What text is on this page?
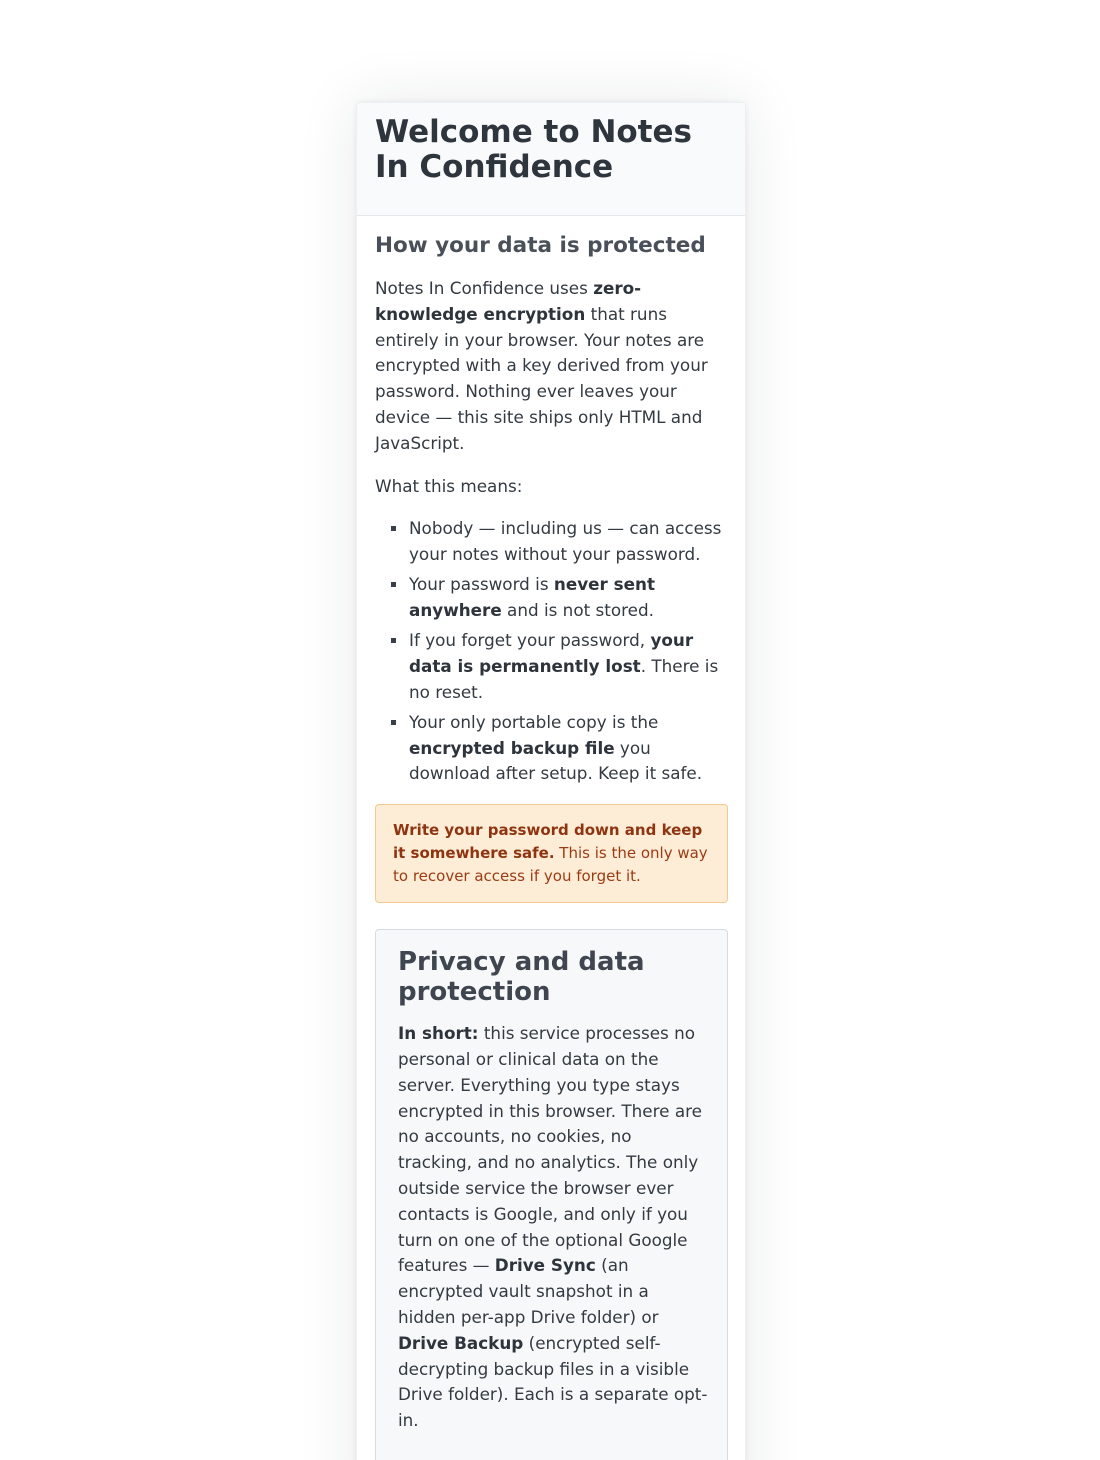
Welcome to Notes In Confidence
How your data is protected

Notes In Confidence uses zero-knowledge encryption that runs entirely in your browser. Your notes are encrypted with a key derived from your password. Nothing ever leaves your device — this site ships only HTML and JavaScript.

What this means:

Nobody — including us — can access your notes without your password.
Your password is never sent anywhere and is not stored.
If you forget your password, your data is permanently lost. There is no reset.
Your only portable copy is the encrypted backup file you download after setup. Keep it safe.
Write your password down and keep it somewhere safe. This is the only way to recover access if you forget it.
Privacy and data protection

In short: this service processes no personal or clinical data on the server. Everything you type stays encrypted in this browser. There are no accounts, no cookies, no tracking, and no analytics. The only outside service the browser ever contacts is Google, and only if you turn on one of the optional Google features — Drive Sync (an encrypted vault snapshot in a hidden per-app Drive folder) or Drive Backup (encrypted self-decrypting backup files in a visible Drive folder). Each is a separate opt-in.
